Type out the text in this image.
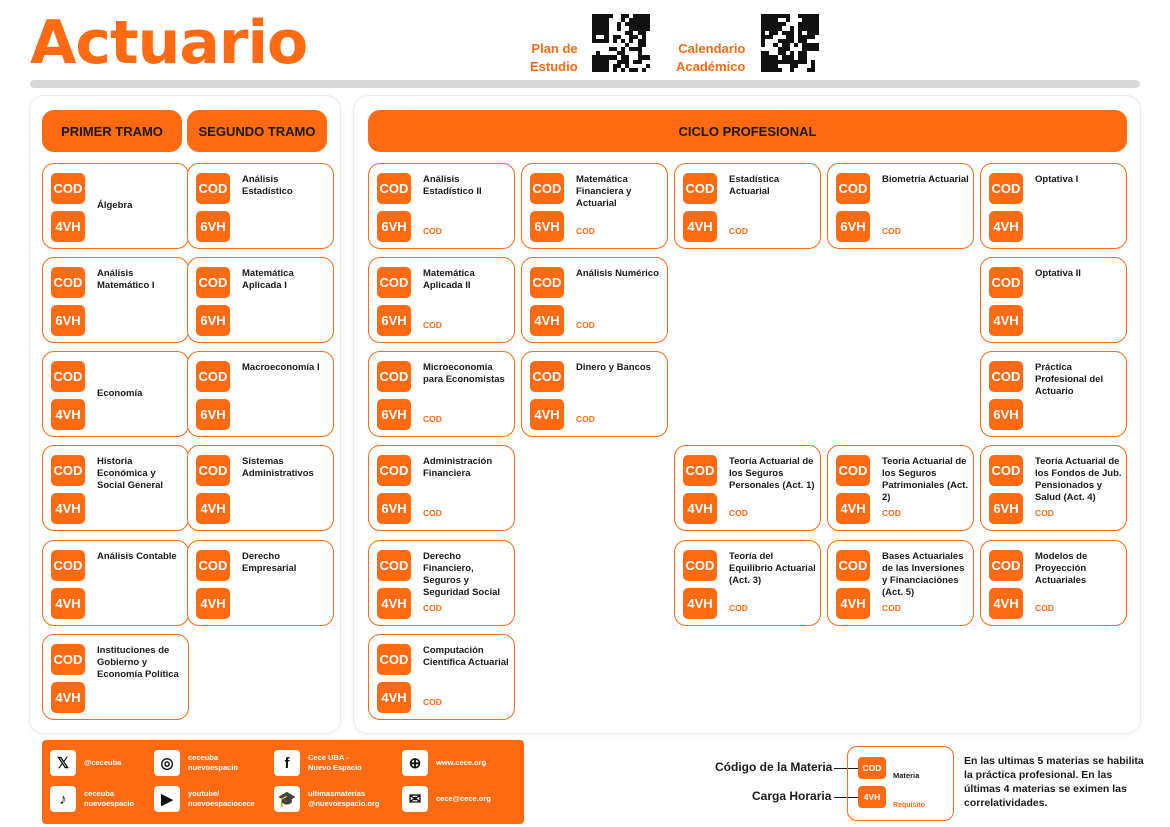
Actuario	Plan de
Estudio
Calendario
Académico
PRIMER TRAMO	SEGUNDO TRAMO	CICLO PROFESIONAL
COD
4VH
Álgebra
COD
6VH
Análisis Matemático I
COD
4VH
Economía
COD
4VH
Historia Económica y Social General
COD
4VH
Análisis Contable
COD
4VH
Instituciones de Gobierno y Economía Política
COD
6VH
Análisis Estadístico
COD
6VH
Matemática Aplicada I
COD
6VH
Macroeconomía I
COD
4VH
Sistemas Administrativos
COD
4VH
Derecho Empresarial
COD
6VH
Análisis Estadístico II
COD
COD
6VH
Matemática Aplicada II
COD
COD
6VH
Microeconomía para Economistas
COD
COD
6VH
Administración Financiera
COD
COD
4VH
Derecho Financiero, Seguros y Seguridad Social
COD
COD
4VH
Computación Científica Actuarial
COD
COD
6VH
Matemática Financiera y Actuarial
COD
COD
4VH
Análisis Numérico
COD
COD
4VH
Dinero y Bancos
COD
COD
4VH
Estadística Actuarial
COD
COD
4VH
Teoría Actuarial de los Seguros Personales (Act. 1)
COD
COD
4VH
Teoría del Equilibrio Actuarial (Act. 3)
COD
COD
6VH
Biometría Actuarial
COD
COD
4VH
Teoría Actuarial de los Seguros Patrimoniales (Act. 2)
COD
COD
4VH
Bases Actuariales de las Inversiones y Financiaciónes (Act. 5)
COD
COD
4VH
Optativa I
COD
4VH
Optativa II
COD
6VH
Práctica Profesional del Actuario
COD
6VH
Teoría Actuarial de los Fondos de Jub. Pensionados y Salud (Act. 4)
COD
COD
4VH
Modelos de Proyección Actuariales
COD
𝕏	@ceceuba	◎	ceceuba
nuevoespacio	f	Cece UBA -
Nuevo Espacio	⊕	www.cece.org
♪	ceceuba
nuevoespacio	▶	youtube/
nuevoespaciocece 🎓	ultimasmaterias
@nuevoespacio.org	✉	cece@cece.org
Código de la Materia
Carga Horaria
COD
4VH
Materia
Requisito
En las ultimas 5 materias se habilita la práctica profesional. En las últimas 4 materias se eximen las correlatividades.
